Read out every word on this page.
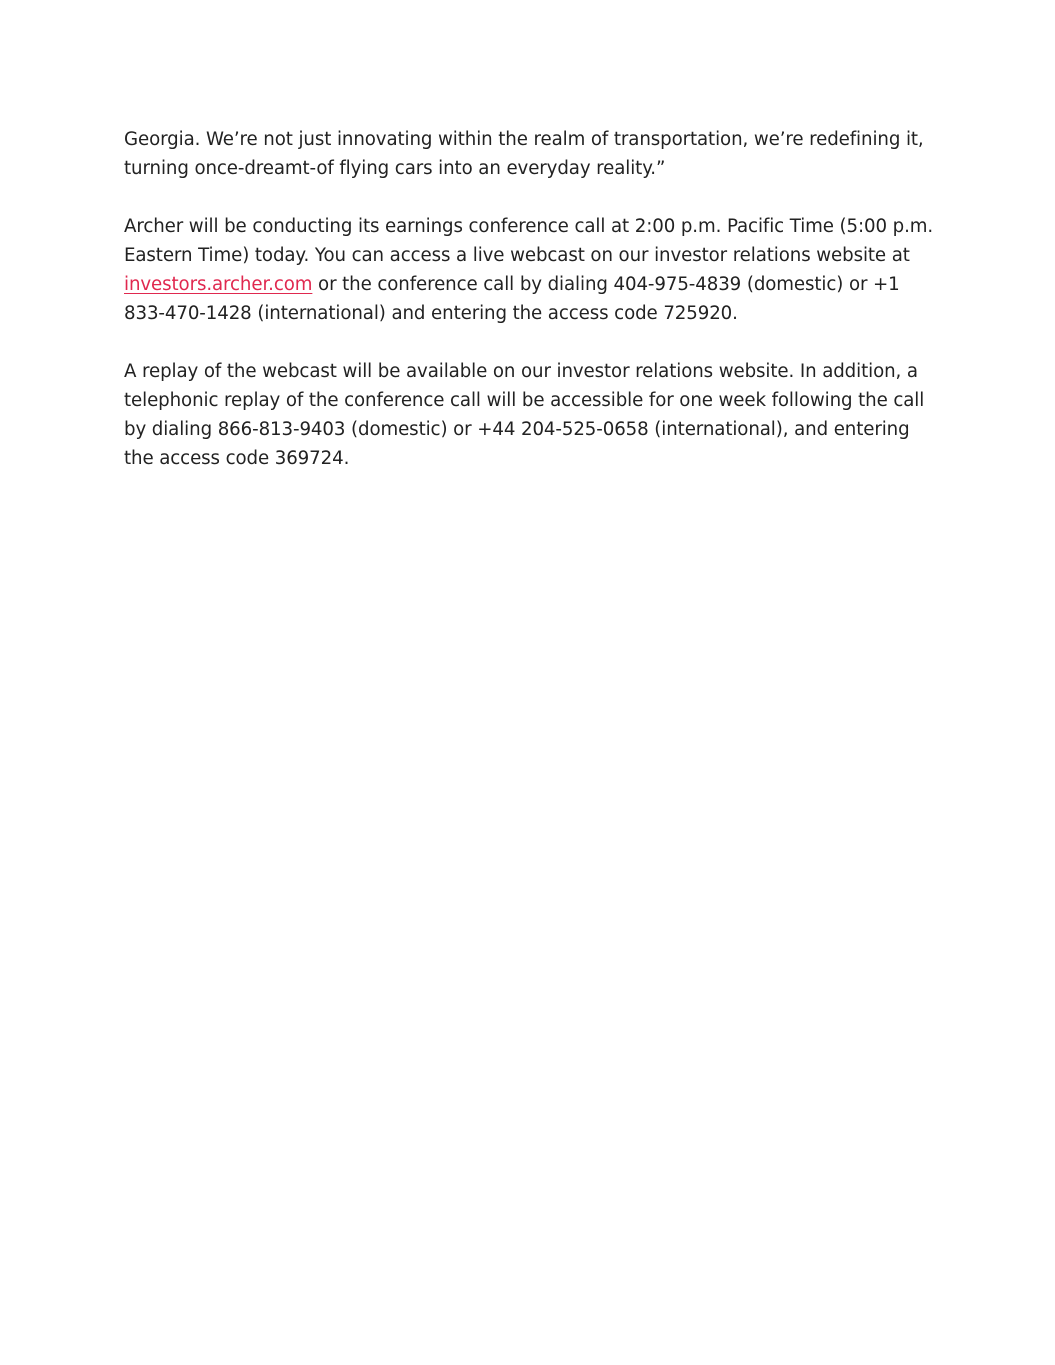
Georgia. We’re not just innovating within the realm of transportation, we’re redefining it, turning once-dreamt-of flying cars into an everyday reality.”

Archer will be conducting its earnings conference call at 2:00 p.m. Pacific Time (5:00 p.m. Eastern Time) today. You can access a live webcast on our investor relations website at investors.archer.com or the conference call by dialing 404-975-4839 (domestic) or +1 833-470-1428 (international) and entering the access code 725920.

A replay of the webcast will be available on our investor relations website. In addition, a telephonic replay of the conference call will be accessible for one week following the call by dialing 866-813-9403 (domestic) or +44 204-525-0658 (international), and entering the access code 369724.
